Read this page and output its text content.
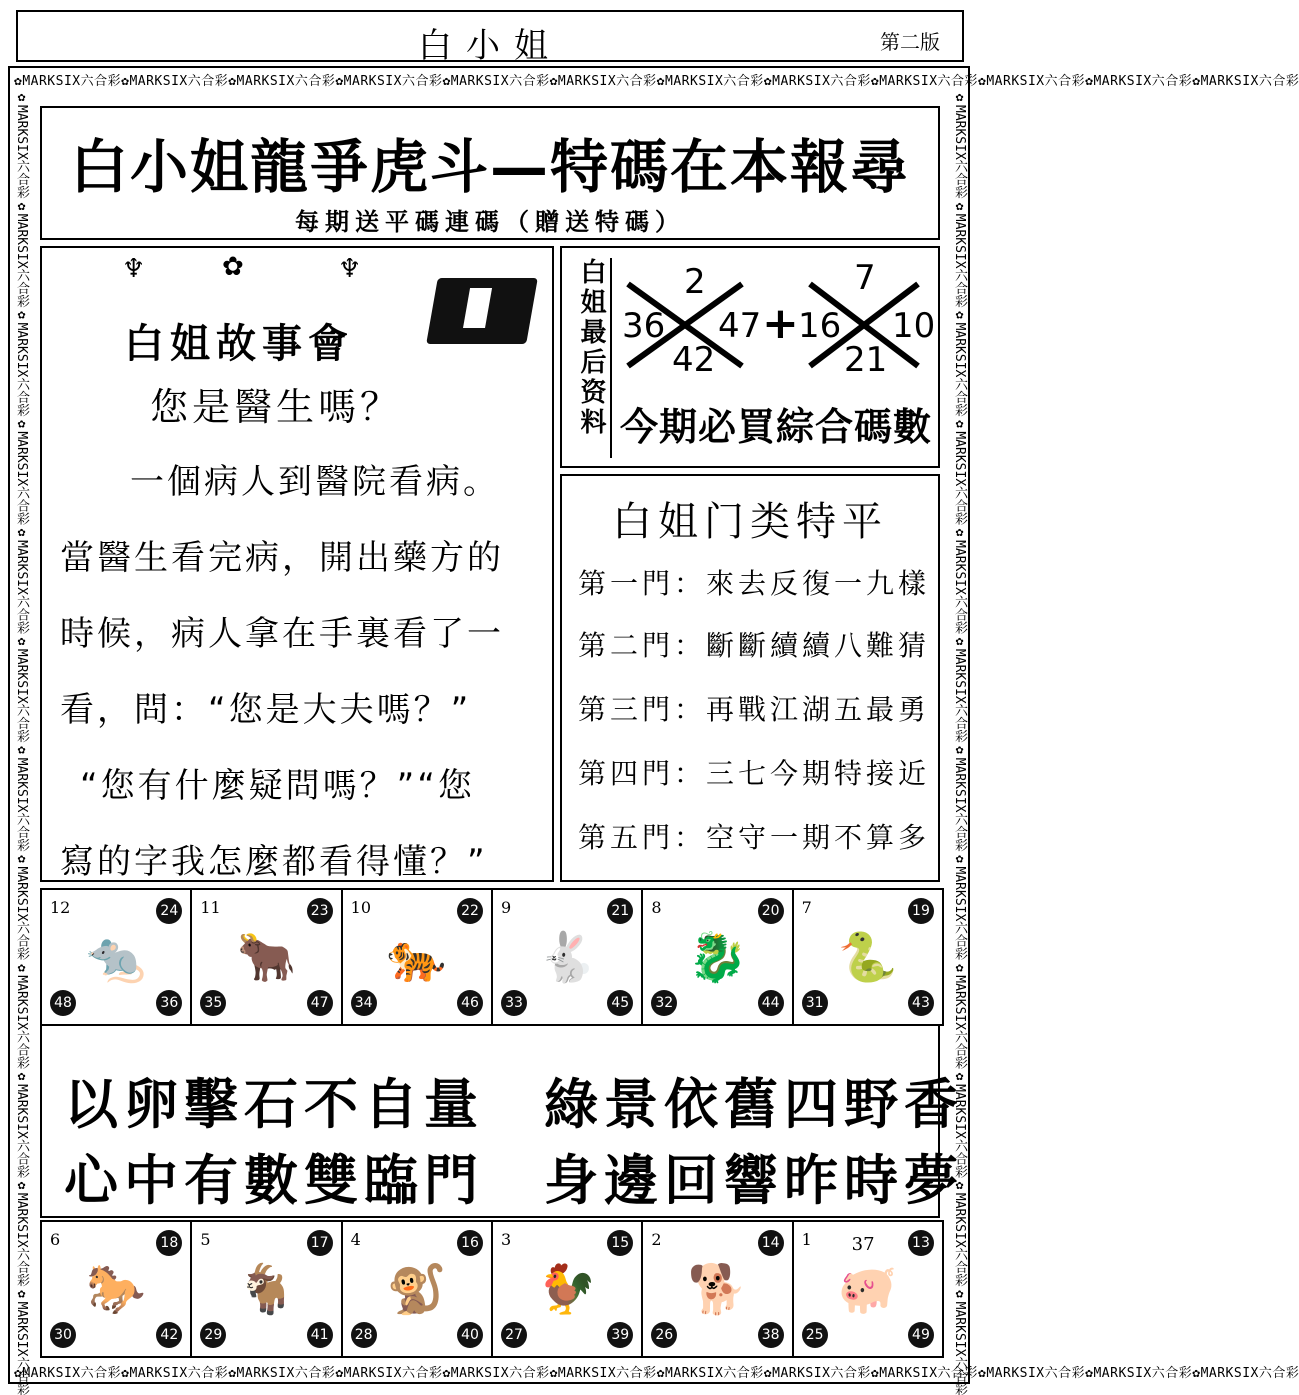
白小姐	第二版
✿MARKSIX六合彩✿MARKSIX六合彩✿MARKSIX六合彩✿MARKSIX六合彩✿MARKSIX六合彩✿MARKSIX六合彩✿MARKSIX六合彩✿MARKSIX六合彩✿MARKSIX六合彩✿MARKSIX六合彩✿MARKSIX六合彩✿MARKSIX六合彩
✿MARKSIX六合彩✿MARKSIX六合彩✿MARKSIX六合彩✿MARKSIX六合彩✿MARKSIX六合彩✿MARKSIX六合彩✿MARKSIX六合彩✿MARKSIX六合彩✿MARKSIX六合彩✿MARKSIX六合彩✿MARKSIX六合彩✿MARKSIX六合彩
✿MARKSIX六合彩✿MARKSIX六合彩✿MARKSIX六合彩✿MARKSIX六合彩✿MARKSIX六合彩✿MARKSIX六合彩✿MARKSIX六合彩✿MARKSIX六合彩✿MARKSIX六合彩✿MARKSIX六合彩✿MARKSIX六合彩✿MARKSIX六合彩	✿MARKSIX六合彩✿MARKSIX六合彩✿MARKSIX六合彩✿MARKSIX六合彩✿MARKSIX六合彩✿MARKSIX六合彩✿MARKSIX六合彩✿MARKSIX六合彩✿MARKSIX六合彩✿MARKSIX六合彩✿MARKSIX六合彩✿MARKSIX六合彩
白小姐龍爭虎斗—特碼在本報尋
每期送平碼連碼（贈送特碼）
♆	✿	♆
白姐故事會
您是醫生嗎？
一個病人到醫院看病。
當醫生看完病，開出藥方的
時候，病人拿在手裏看了一
看，問：“您是大夫嗎？”
“您有什麼疑問嗎？”“您
寫的字我怎麼都看得懂？”
白姐最后资料 36
2
47
42
+ 16
7
10
21
今期必買綜合碼數
白姐门类特平
第一門：來去反復一九樣
第二門：斷斷續續八難猜
第三門：再戰江湖五最勇
第四門：三七今期特接近
第五門：空守一期不算多
12	24
48	36
🐀
11	23
35	47
🐂
10	22
34	46
🐅
9	21
33	45
🐇
8	20
32	44
🐉
7	19
31	43
🐍
以卵擊石不自量　綠景依舊四野香
心中有數雙臨門　身邊回響昨時夢
6	18
30	42
🐎
5	17
29	41
🐐
4	16
28	40
🐒
3	15
27	39
🐓
2	14
26	38
🐕
1	13
25	49
37
🐖
